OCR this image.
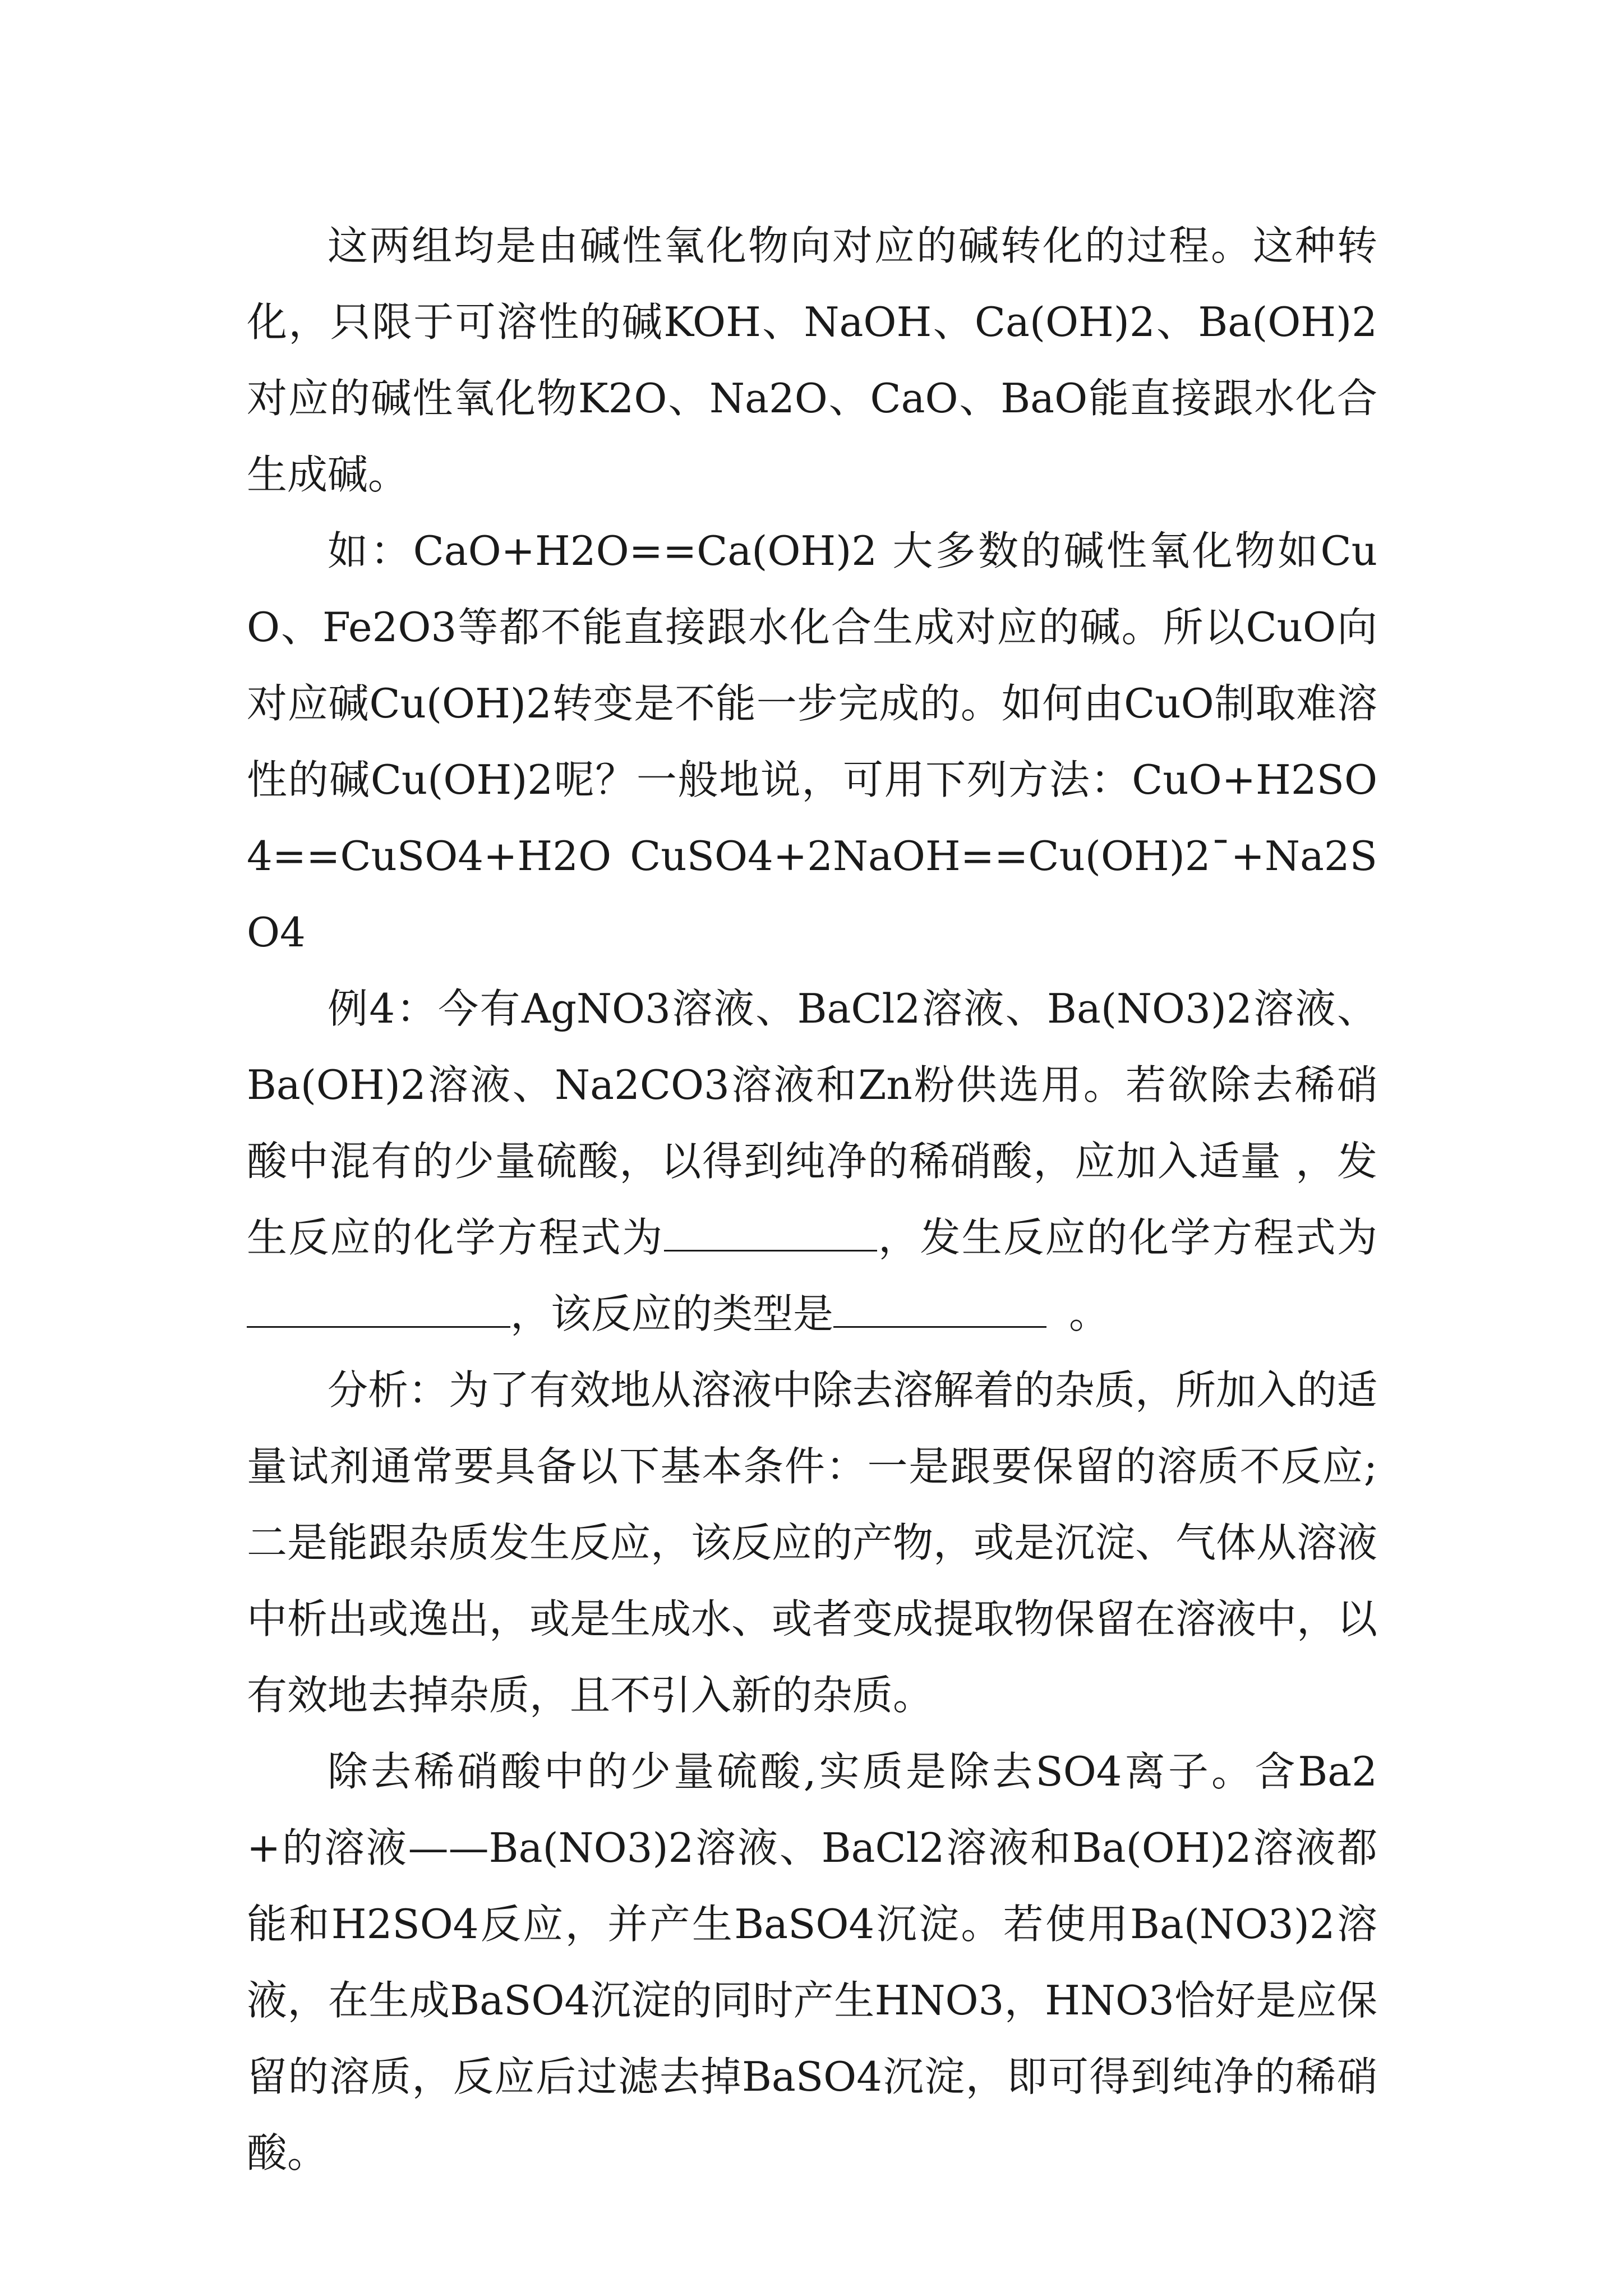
这两组均是由碱性氧化物向对应的碱转化的过程。这种转化，只限于可溶性的碱KOH、NaOH、Ca(OH)2、Ba(OH)2对应的碱性氧化物K2O、Na2O、CaO、BaO能直接跟水化合生成碱。

如：CaO+H2O==Ca(OH)2 大多数的碱性氧化物如CuO、Fe2O3等都不能直接跟水化合生成对应的碱。所以CuO向对应碱Cu(OH)2转变是不能一步完成的。如何由CuO制取难溶性的碱Cu(OH)2呢？一般地说，可用下列方法：CuO+H2SO4==CuSO4+H2O CuSO4+2NaOH==Cu(OH)2¯+Na2SO4

例4：今有AgNO3溶液、BaCl2溶液、Ba(NO3)2溶液、Ba(OH)2溶液、Na2CO3溶液和Zn粉供选用。若欲除去稀硝酸中混有的少量硫酸，以得到纯净的稀硝酸，应加入适量 ，发生反应的化学方程式为	，发生反应的化学方程式为，该反应的类型是	。

分析：为了有效地从溶液中除去溶解着的杂质，所加入的适量试剂通常要具备以下基本条件：一是跟要保留的溶质不反应;二是能跟杂质发生反应，该反应的产物，或是沉淀、气体从溶液中析出或逸出，或是生成水、或者变成提取物保留在溶液中，以有效地去掉杂质，且不引入新的杂质。

除去稀硝酸中的少量硫酸,实质是除去SO4离子。含Ba2+的溶液——Ba(NO3)2溶液、BaCl2溶液和Ba(OH)2溶液都能和H2SO4反应，并产生BaSO4沉淀。若使用Ba(NO3)2溶液，在生成BaSO4沉淀的同时产生HNO3，HNO3恰好是应保留的溶质，反应后过滤去掉BaSO4沉淀，即可得到纯净的稀硝酸。
